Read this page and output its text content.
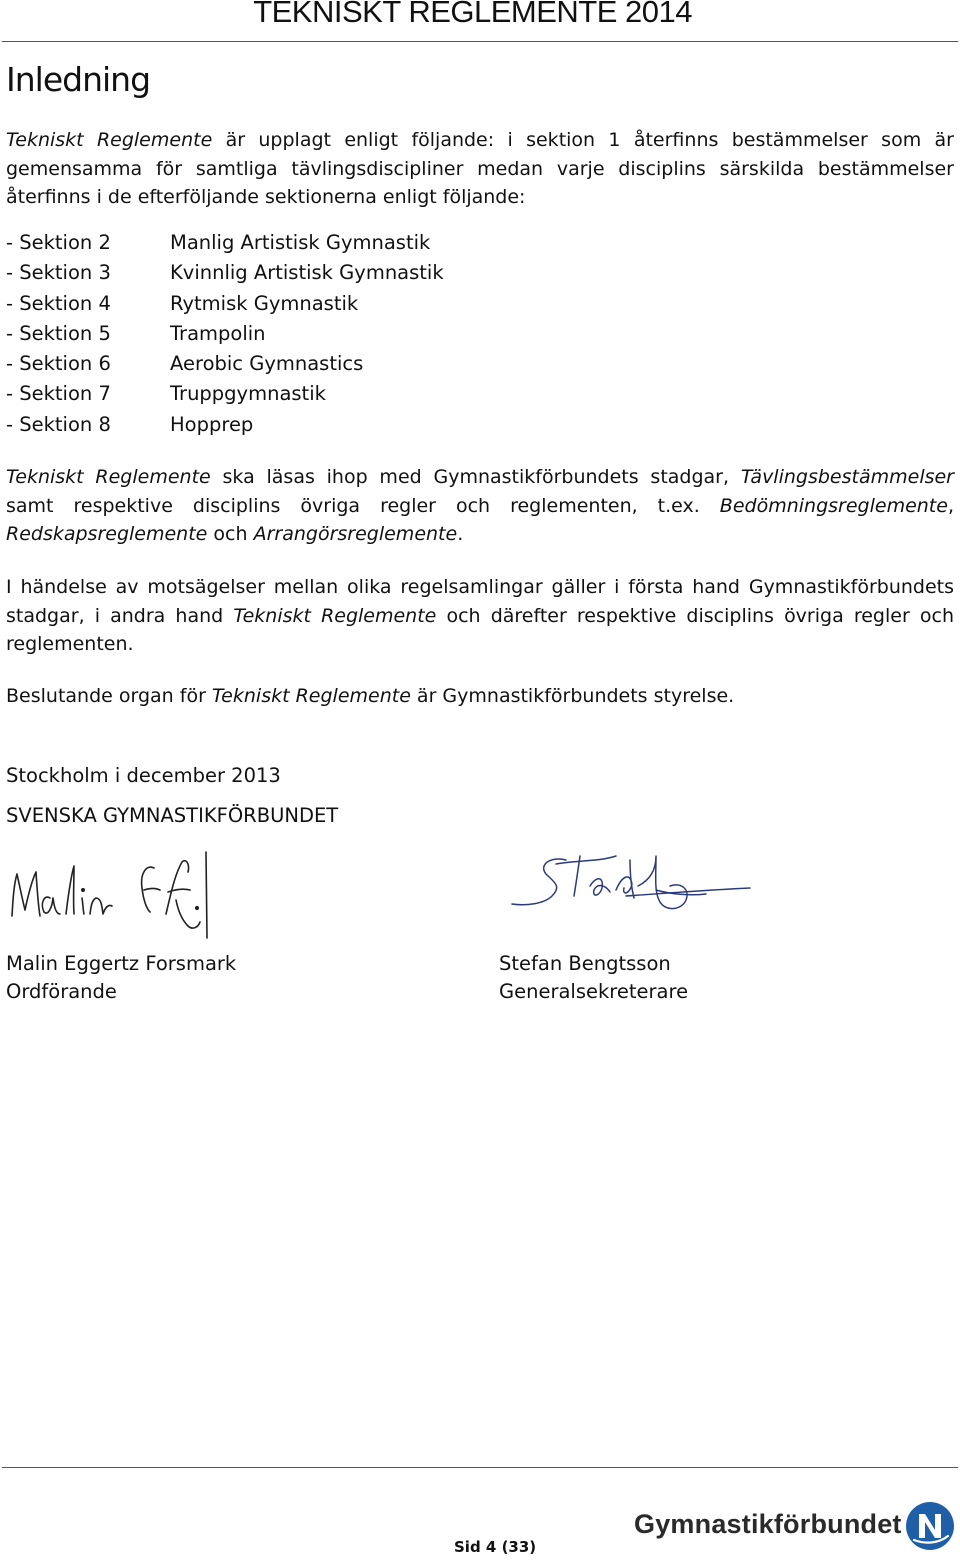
TEKNISKT REGLEMENTE 2014
Inledning

Tekniskt Reglemente är upplagt enligt följande: i sektion 1 återfinns bestämmelser som är gemensamma för samtliga tävlingsdiscipliner medan varje disciplins särskilda bestämmelser återfinns i de efterföljande sektionerna enligt följande:

- Sektion 2	Manlig Artistisk Gymnastik
- Sektion 3	Kvinnlig Artistisk Gymnastik
- Sektion 4	Rytmisk Gymnastik
- Sektion 5	Trampolin
- Sektion 6	Aerobic Gymnastics
- Sektion 7	Truppgymnastik
- Sektion 8	Hopprep

Tekniskt Reglemente ska läsas ihop med Gymnastikförbundets stadgar, Tävlingsbestämmelser samt respektive disciplins övriga regler och reglementen, t.ex. Bedömningsreglemente, Redskapsreglemente och Arrangörsreglemente.

I händelse av motsägelser mellan olika regelsamlingar gäller i första hand Gymnastikförbundets stadgar, i andra hand Tekniskt Reglemente och därefter respektive disciplins övriga regler och reglementen.

Beslutande organ för Tekniskt Reglemente är Gymnastikförbundets styrelse.

Stockholm i december 2013
SVENSKA GYMNASTIKFÖRBUNDET
Malin Eggertz Forsmark
Ordförande
Stefan Bengtsson
Generalsekreterare
Sid 4 (33)
Gymnastikförbundet
